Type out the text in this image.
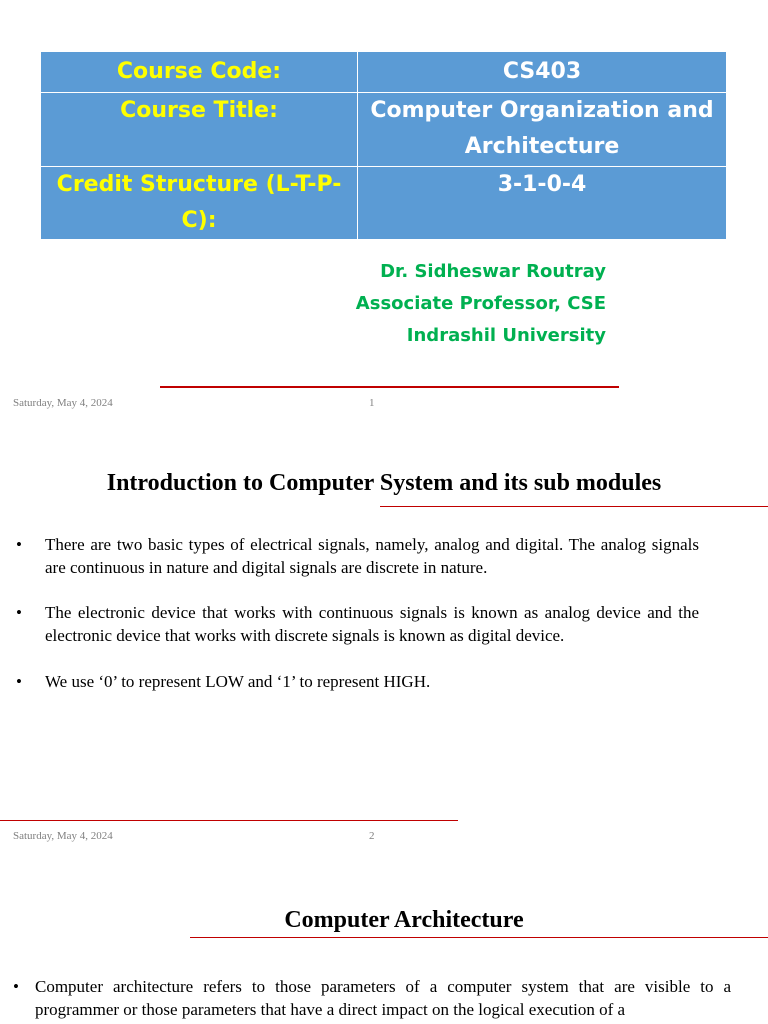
Course Code:	CS403
Course Title:	Computer Organization and Architecture
Credit Structure (L-T-P-C):	3-1-0-4
Dr. Sidheswar Routray
Associate Professor, CSE
Indrashil University
Saturday, May 4, 2024	1
Introduction to Computer System and its sub modules
• There are two basic types of electrical signals, namely, analog and digital. The analog signals are continuous in nature and digital signals are discrete in nature.
• The electronic device that works with continuous signals is known as analog device and the electronic device that works with discrete signals is known as digital device.
• We use ‘0’ to represent LOW and ‘1’ to represent HIGH.
Saturday, May 4, 2024	2
Computer Architecture
• Computer architecture refers to those parameters of a computer system that are visible to a programmer or those parameters that have a direct impact on the logical execution of a
